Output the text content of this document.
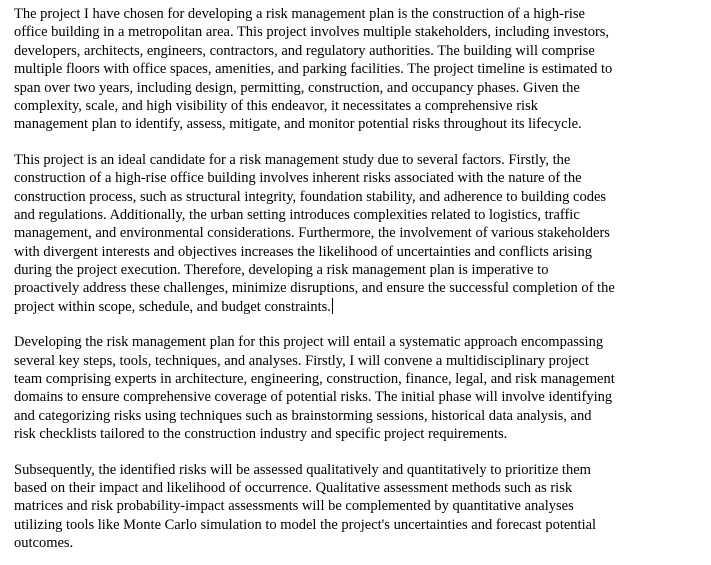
The project I have chosen for developing a risk management plan is the construction of a high-rise
office building in a metropolitan area. This project involves multiple stakeholders, including investors,
developers, architects, engineers, contractors, and regulatory authorities. The building will comprise
multiple floors with office spaces, amenities, and parking facilities. The project timeline is estimated to
span over two years, including design, permitting, construction, and occupancy phases. Given the
complexity, scale, and high visibility of this endeavor, it necessitates a comprehensive risk
management plan to identify, assess, mitigate, and monitor potential risks throughout its lifecycle.
This project is an ideal candidate for a risk management study due to several factors. Firstly, the
construction of a high-rise office building involves inherent risks associated with the nature of the
construction process, such as structural integrity, foundation stability, and adherence to building codes
and regulations. Additionally, the urban setting introduces complexities related to logistics, traffic
management, and environmental considerations. Furthermore, the involvement of various stakeholders
with divergent interests and objectives increases the likelihood of uncertainties and conflicts arising
during the project execution. Therefore, developing a risk management plan is imperative to
proactively address these challenges, minimize disruptions, and ensure the successful completion of the
project within scope, schedule, and budget constraints.
Developing the risk management plan for this project will entail a systematic approach encompassing
several key steps, tools, techniques, and analyses. Firstly, I will convene a multidisciplinary project
team comprising experts in architecture, engineering, construction, finance, legal, and risk management
domains to ensure comprehensive coverage of potential risks. The initial phase will involve identifying
and categorizing risks using techniques such as brainstorming sessions, historical data analysis, and
risk checklists tailored to the construction industry and specific project requirements.
Subsequently, the identified risks will be assessed qualitatively and quantitatively to prioritize them
based on their impact and likelihood of occurrence. Qualitative assessment methods such as risk
matrices and risk probability-impact assessments will be complemented by quantitative analyses
utilizing tools like Monte Carlo simulation to model the project's uncertainties and forecast potential
outcomes.
